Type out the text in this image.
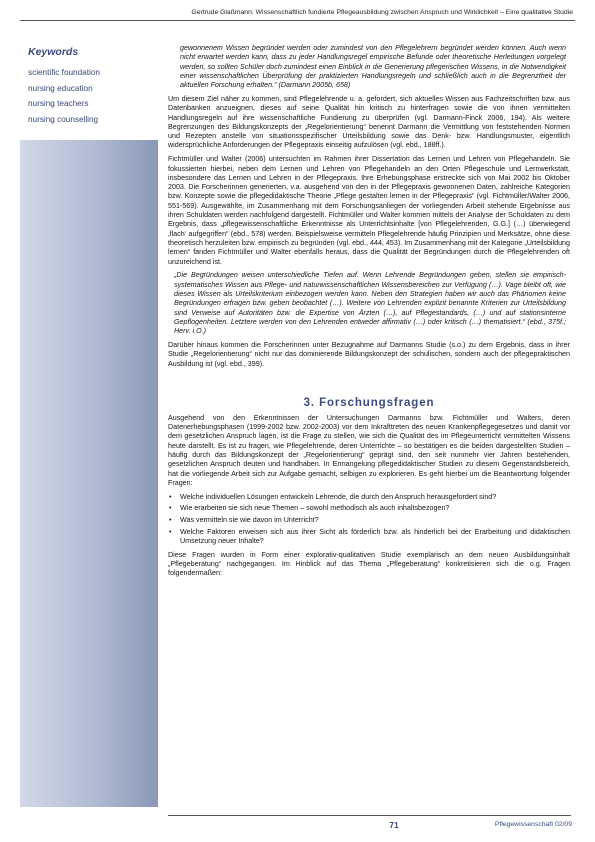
Gertrude Glaßmann: Wissenschaftlich fundierte Pflegeausbildung zwischen Anspruch und Wirklichkeit – Eine qualitative Studie
Keywords
scientific foundation
nursing education
nursing teachers
nursing counselling
gewonnenem Wissen begründet werden oder zumindest von den Pflegelehrern begründet werden können. Auch wenn nicht erwartet werden kann, dass zu jeder Handlungsregel empirische Befunde oder theoretische Herleitungen vorgelegt werden, so sollten Schüler doch zumindest einen Einblick in die Generierung pflegerischen Wissens, in die Notwendigkeit einer wissenschaftlichen Überprüfung der praktizierten Handlungsregeln und schließlich auch in die Begrenztheit der aktuellen Forschung erhalten.“ (Darmann 2005b, 658)

Um diesem Ziel näher zu kommen, sind Pflegelehrende u. a. gefordert, sich aktuelles Wissen aus Fachzeitschriften bzw. aus Datenbanken anzueignen, dieses auf seine Qualität hin kritisch zu hinterfragen sowie die von ihnen vermittelten Handlungsregeln auf ihre wissenschaftliche Fundierung zu überprüfen (vgl. Darmann-Finck 2006, 194). Als weitere Begrenzungen des Bildungskonzepts der „Regelorientierung“ benennt Darmann die Vermittlung von feststehenden Normen und Rezepten anstelle von situationsspezifischer Urteilsbildung sowie das Denk- bzw. Handlungsmuster, eigentlich widersprüchliche Anforderungen der Pflegepraxis einseitig aufzulösen (vgl. ebd., 188ff.).

Fichtmüller und Walter (2006) untersuchten im Rahmen ihrer Dissertation das Lernen und Lehren von Pflegehandeln. Sie fokussierten hierbei, neben dem Lernen und Lehren von Pflegehandeln an den Orten Pflegeschule und Lernwerkstatt, insbesondere das Lernen und Lehren in der Pflegepraxis. Ihre Erhebungsphase erstreckte sich von Mai 2002 bis Oktober 2003. Die Forscherinnen generierten, v.a. ausgehend von den in der Pflegepraxis gewonnenen Daten, zahlreiche Kategorien bzw. Konzepte sowie die pflegedidaktische Theorie „Pflege gestalten lernen in der Pflegepraxis“ (vgl. Fichtmüller/Walter 2006, 551-569). Ausgewählte, im Zusammenhang mit dem Forschungsanliegen der vorliegenden Arbeit stehende Ergebnisse aus ihren Schuldaten werden nachfolgend dargestellt. Fichtmüller und Walter kommen mittels der Analyse der Schuldaten zu dem Ergebnis, dass „pflegewissenschaftliche Erkenntnisse als Unterrichtsinhalte [von Pflegelehrenden, G.G.] (…) überwiegend ‚flach‘ aufgegriffen“ (ebd., 578) werden. Beispielsweise vermitteln Pflegelehrende häufig Prinzipien und Merksätze, ohne diese theoretisch herzuleiten bzw. empirisch zu begründen (vgl. ebd., 444, 453). Im Zusammenhang mit der Kategorie „Urteilsbildung lernen“ fanden Fichtmüller und Walter ebenfalls heraus, dass die Qualität der Begründungen durch die Pflegelehrenden oft unzureichend ist.

„Die Begründungen weisen unterschiedliche Tiefen auf. Wenn Lehrende Begründungen geben, stellen sie empirisch-systematisches Wissen aus Pflege- und naturwissenschaftlichen Wissensbereichen zur Verfügung (…). Vage bleibt oft, wie dieses Wissen als Urteilskriterium einbezogen werden kann. Neben den Strategien haben wir auch das Phänomen keine Begründungen erfragen bzw. geben beobachtet (…). Weitere von Lehrenden explizit benannte Kriterien zur Urteilsbildung sind Verweise auf Autoritäten bzw. die Expertise von Ärzten (…), auf Pflegestandards, (…) und auf stationsinterne Gepflogenheiten. Letztere werden von den Lehrenden entweder affirmativ (…) oder kritisch (…) thematisiert.“ (ebd., 375f.; Herv. i.O.)

Darüber hinaus kommen die Forscherinnen unter Bezugnahme auf Darmanns Studie (s.o.) zu dem Ergebnis, dass in ihrer Studie „Regelorientierung“ nicht nur das dominierende Bildungskonzept der schulischen, sondern auch der pflegepraktischen Ausbildung ist (vgl. ebd., 399).

3. Forschungsfragen

Ausgehend von den Erkenntnissen der Untersuchungen Darmanns bzw. Fichtmüller und Walters, deren Datenerhebungsphasen (1999-2002 bzw. 2002-2003) vor dem Inkrafttreten des neuen Krankenpflegegesetzes und damit vor dem gesetzlichen Anspruch lagen, ist die Frage zu stellen, wie sich die Qualität des im Pflegeunterricht vermittelten Wissens heute darstellt. Es ist zu fragen, wie Pflegelehrende, deren Unterrichte – so bestätigen es die beiden dargestellten Studien – häufig durch das Bildungskonzept der „Regelorientierung“ geprägt sind, den seit nunmehr vier Jahren bestehenden, gesetzlichen Anspruch deuten und handhaben. In Ermangelung pflegedidaktischer Studien zu diesem Gegenstandsbereich, hat die vorliegende Arbeit sich zur Aufgabe gemacht, selbigen zu explorieren. Es geht hierbei um die Beantwortung folgender Fragen:

• Welche individuellen Lösungen entwickeln Lehrende, die durch den Anspruch herausgefordert sind?
• Wie erarbeiten sie sich neue Themen – sowohl methodisch als auch inhaltsbezogen?
• Was vermitteln sie wie davon im Unterricht?
• Welche Faktoren erweisen sich aus ihrer Sicht als förderlich bzw. als hinderlich bei der Erarbeitung und didaktischen Umsetzung neuer Inhalte?

Diese Fragen wurden in Form einer explorativ-qualitativen Studie exemplarisch an dem neuen Ausbildungsinhalt „Pflegeberatung“ nachgegangen. Im Hinblick auf das Thema „Pflegeberatung“ konkretisieren sich die o.g. Fragen folgendermaßen:

71	Pflegewissenschaft 02/09
